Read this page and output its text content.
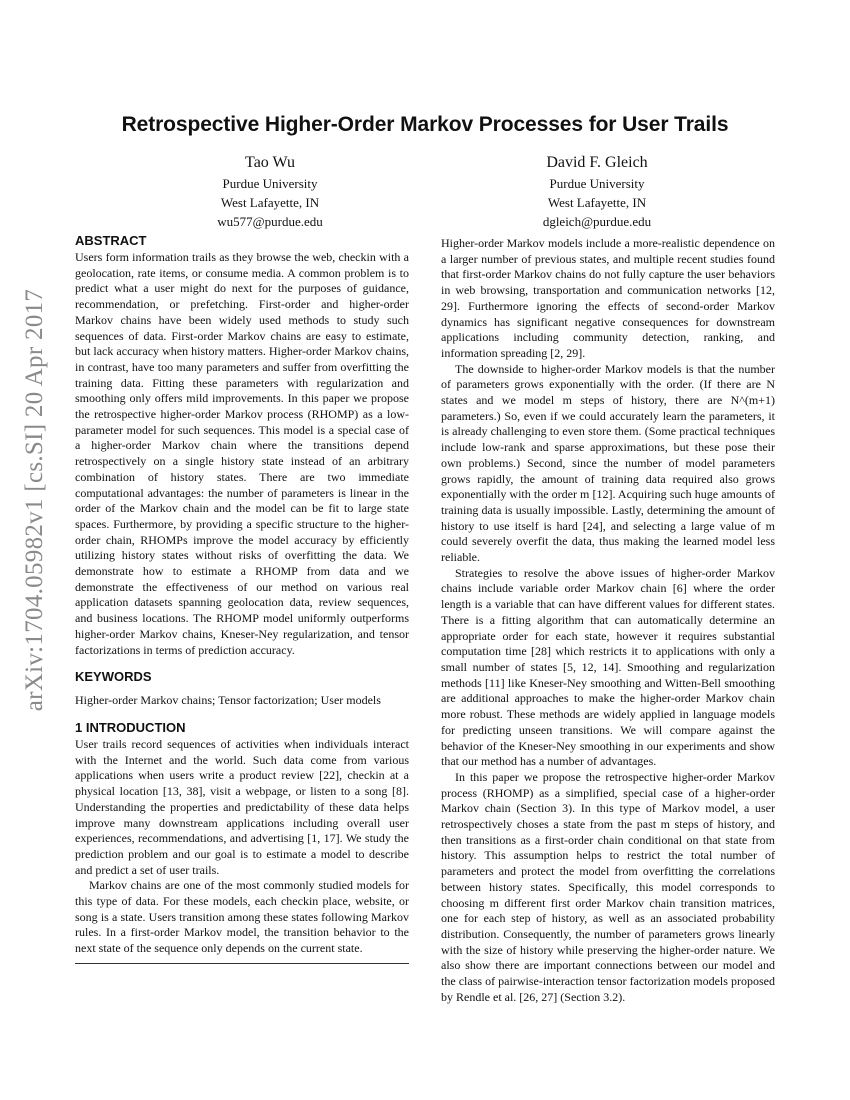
arXiv:1704.05982v1 [cs.SI] 20 Apr 2017
Retrospective Higher-Order Markov Processes for User Trails
Tao Wu
Purdue University
West Lafayette, IN
wu577@purdue.edu
David F. Gleich
Purdue University
West Lafayette, IN
dgleich@purdue.edu
ABSTRACT

Users form information trails as they browse the web, checkin with a geolocation, rate items, or consume media. A common problem is to predict what a user might do next for the purposes of guidance, recommendation, or prefetching. First-order and higher-order Markov chains have been widely used methods to study such sequences of data. First-order Markov chains are easy to estimate, but lack accuracy when history matters. Higher-order Markov chains, in contrast, have too many parameters and suffer from overfitting the training data. Fitting these parameters with regularization and smoothing only offers mild improvements. In this paper we propose the retrospective higher-order Markov process (RHOMP) as a low-parameter model for such sequences. This model is a special case of a higher-order Markov chain where the transitions depend retrospectively on a single history state instead of an arbitrary combination of history states. There are two immediate computational advantages: the number of parameters is linear in the order of the Markov chain and the model can be fit to large state spaces. Furthermore, by providing a specific structure to the higher-order chain, RHOMPs improve the model accuracy by efficiently utilizing history states without risks of overfitting the data. We demonstrate how to estimate a RHOMP from data and we demonstrate the effectiveness of our method on various real application datasets spanning geolocation data, review sequences, and business locations. The RHOMP model uniformly outperforms higher-order Markov chains, Kneser-Ney regularization, and tensor factorizations in terms of prediction accuracy.

KEYWORDS

Higher-order Markov chains; Tensor factorization; User models

1 INTRODUCTION

User trails record sequences of activities when individuals interact with the Internet and the world. Such data come from various applications when users write a product review [22], checkin at a physical location [13, 38], visit a webpage, or listen to a song [8]. Understanding the properties and predictability of these data helps improve many downstream applications including overall user experiences, recommendations, and advertising [1, 17]. We study the prediction problem and our goal is to estimate a model to describe and predict a set of user trails.

Markov chains are one of the most commonly studied models for this type of data. For these models, each checkin place, website, or song is a state. Users transition among these states following Markov rules. In a first-order Markov model, the transition behavior to the next state of the sequence only depends on the current state.

Higher-order Markov models include a more-realistic dependence on a larger number of previous states, and multiple recent studies found that first-order Markov chains do not fully capture the user behaviors in web browsing, transportation and communication networks [12, 29]. Furthermore ignoring the effects of second-order Markov dynamics has significant negative consequences for downstream applications including community detection, ranking, and information spreading [2, 29].

The downside to higher-order Markov models is that the number of parameters grows exponentially with the order. (If there are N states and we model m steps of history, there are N^(m+1) parameters.) So, even if we could accurately learn the parameters, it is already challenging to even store them. (Some practical techniques include low-rank and sparse approximations, but these pose their own problems.) Second, since the number of model parameters grows rapidly, the amount of training data required also grows exponentially with the order m [12]. Acquiring such huge amounts of training data is usually impossible. Lastly, determining the amount of history to use itself is hard [24], and selecting a large value of m could severely overfit the data, thus making the learned model less reliable.

Strategies to resolve the above issues of higher-order Markov chains include variable order Markov chain [6] where the order length is a variable that can have different values for different states. There is a fitting algorithm that can automatically determine an appropriate order for each state, however it requires substantial computation time [28] which restricts it to applications with only a small number of states [5, 12, 14]. Smoothing and regularization methods [11] like Kneser-Ney smoothing and Witten-Bell smoothing are additional approaches to make the higher-order Markov chain more robust. These methods are widely applied in language models for predicting unseen transitions. We will compare against the behavior of the Kneser-Ney smoothing in our experiments and show that our method has a number of advantages.

In this paper we propose the retrospective higher-order Markov process (RHOMP) as a simplified, special case of a higher-order Markov chain (Section 3). In this type of Markov model, a user retrospectively choses a state from the past m steps of history, and then transitions as a first-order chain conditional on that state from history. This assumption helps to restrict the total number of parameters and protect the model from overfitting the correlations between history states. Specifically, this model corresponds to choosing m different first order Markov chain transition matrices, one for each step of history, as well as an associated probability distribution. Consequently, the number of parameters grows linearly with the size of history while preserving the higher-order nature. We also show there are important connections between our model and the class of pairwise-interaction tensor factorization models proposed by Rendle et al. [26, 27] (Section 3.2).
